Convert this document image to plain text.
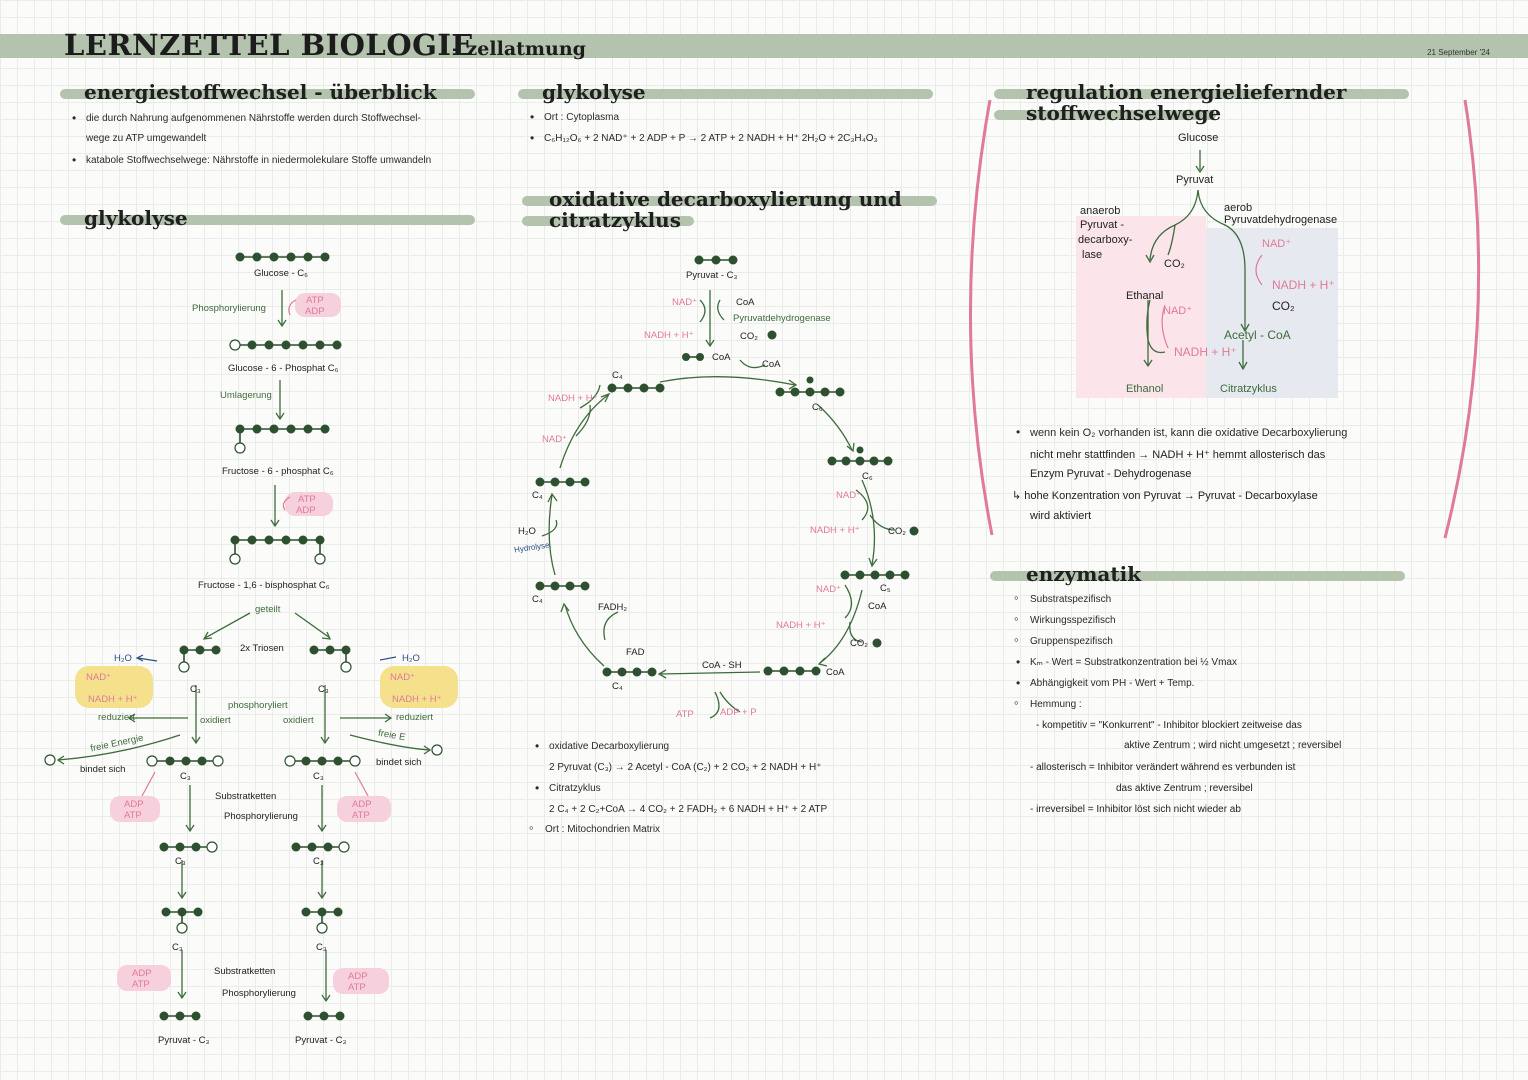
LERNZETTEL BIOLOGIE
- zellatmung	21 September '24
energiestoffwechsel - überblick
• die durch Nahrung aufgenommenen Nährstoffe werden durch Stoffwechsel-
wege zu ATP umgewandelt
• katabole Stoffwechselwege: Nährstoffe in niedermolekulare Stoffe umwandeln
glykolyse
Glucose - C₆
Phosphorylierung
ATP
ADP
Glucose - 6 - Phosphat C₆
Umlagerung
Fructose - 6 - phosphat C₆
ATP
ADP
Fructose - 1,6 - bisphosphat C₆
geteilt
2x Triosen
H₂O	H₂O
NAD⁺
NADH + H⁺
NAD⁺
NADH + H⁺
C₃	C₃
phosphoryliert
reduziert	oxidiert	oxidiert	reduziert
freie Energie	freie E
bindet sich
bindet sich
C₃	C₃
ADP
ATP
ADP
ATP
Substratketten
Phosphorylierung
C₃	C₃
C₃	C₃
ADP
ATP
ADP
ATP
Substratketten
Phosphorylierung
Pyruvat - C₃	Pyruvat - C₃
glykolyse
• Ort : Cytoplasma
• C₆H₁₂O₆ + 2 NAD⁺ + 2 ADP + P → 2 ATP + 2 NADH + H⁺ 2H₂O + 2C₃H₄O₃
oxidative decarboxylierung und
citratzyklus
Pyruvat - C₃
NAD⁺	CoA
Pyruvatdehydrogenase
NADH + H⁺	CO₂
CoA
CoA
C₄
C₆
NADH + H⁺
NAD⁺
C₆
C₄	NAD⁺
NADH + H⁺	CO₂
H₂O
Hydrolyse
C₅
C₄
NAD⁺
CoA
FADH₂
NADH + H⁺
CO₂
FAD
CoA - SH
CoA
C₄
ATP	ADP + P
• oxidative Decarboxylierung
2 Pyruvat (C₃) → 2 Acetyl - CoA (C₂) + 2 CO₂ + 2 NADH + H⁺
• Citratzyklus
2 C₄ + 2 C₂+CoA → 4 CO₂ + 2 FADH₂ + 6 NADH + H⁺ + 2 ATP
◦ Ort : Mitochondrien Matrix
regulation energieliefernder
stoffwechselwege
Glucose
Pyruvat
anaerob
Pyruvat -
decarboxy-
lase
aerob
Pyruvatdehydrogenase
NAD⁺
CO₂
NADH + H⁺
Ethanal
CO₂
NAD⁺
Acetyl - CoA
NADH + H⁺
Ethanol	Citratzyklus
• wenn kein O₂ vorhanden ist, kann die oxidative Decarboxylierung
nicht mehr stattfinden → NADH + H⁺ hemmt allosterisch das
Enzym Pyruvat - Dehydrogenase
↳ hohe Konzentration von Pyruvat → Pyruvat - Decarboxylase
wird aktiviert
enzymatik
◦ Substratspezifisch
◦ Wirkungsspezifisch
◦ Gruppenspezifisch
• Kₘ - Wert = Substratkonzentration bei ½ Vmax
• Abhängigkeit vom PH - Wert + Temp.
◦ Hemmung :
- kompetitiv = "Konkurrent" - Inhibitor blockiert zeitweise das
aktive Zentrum ; wird nicht umgesetzt ; reversibel
- allosterisch = Inhibitor verändert während es verbunden ist
das aktive Zentrum ; reversibel
- irreversibel = Inhibitor löst sich nicht wieder ab
